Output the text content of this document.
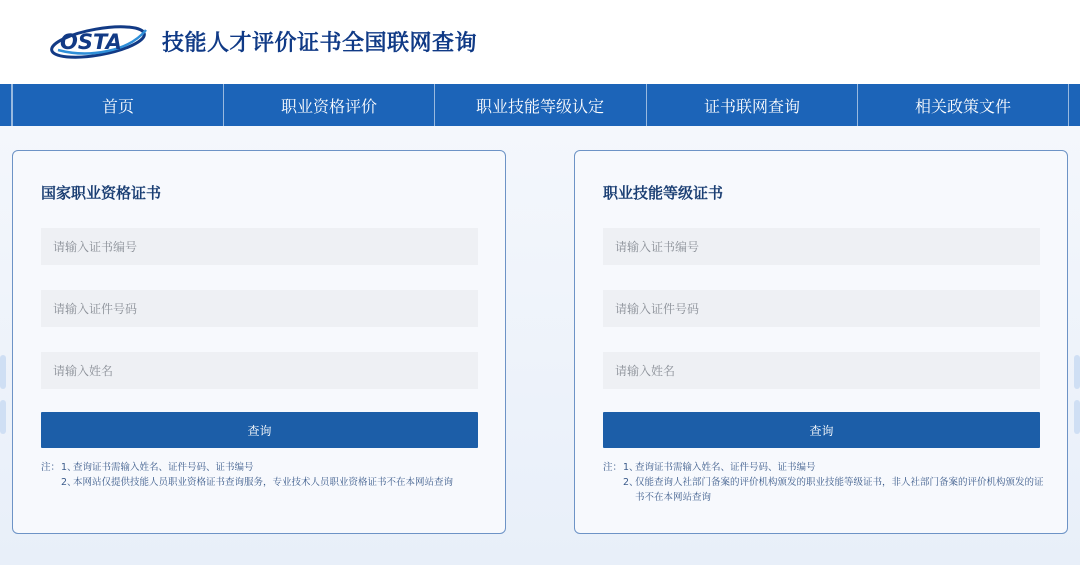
OSTA 技能人才评价证书全国联网查询
首页	职业资格评价	职业技能等级认定	证书联网查询	相关政策文件
国家职业资格证书
请输入证书编号
请输入证件号码
请输入姓名
查询
注： 1、
查询证书需输入姓名、证件号码、证书编号
2、
本网站仅提供技能人员职业资格证书查询服务，专业技术人员职业资格证书不在本网站查询
职业技能等级证书
请输入证书编号
请输入证件号码
请输入姓名
查询
注： 1、
查询证书需输入姓名、证件号码、证书编号
2、
仅能查询人社部门备案的评价机构颁发的职业技能等级证书，非人社部门备案的评价机构颁发的证书不在本网站查询
